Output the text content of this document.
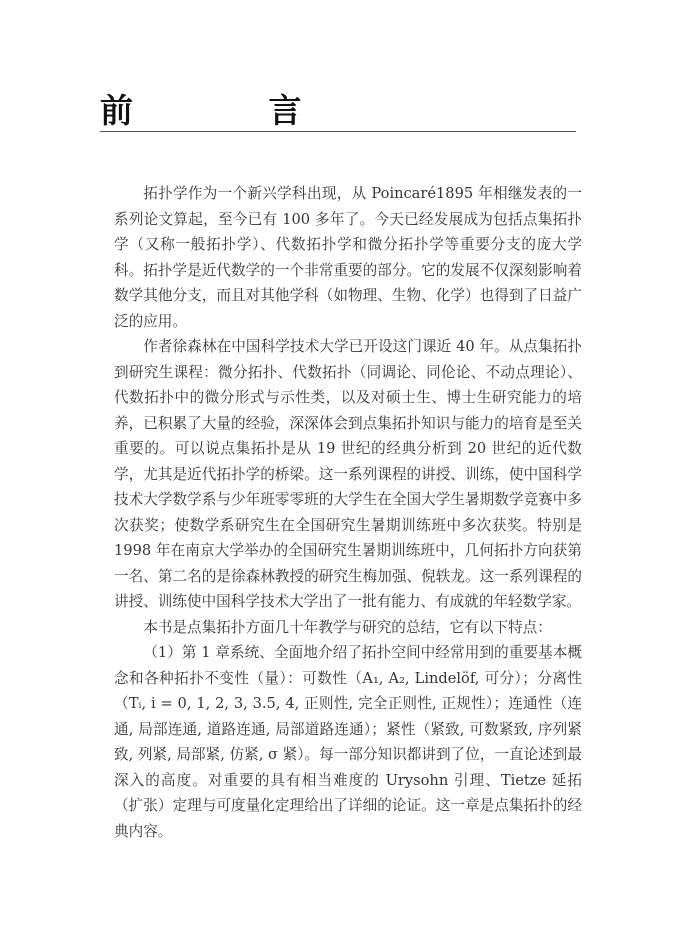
前 言

拓扑学作为一个新兴学科出现，从 Poincaré1895 年相继发表的一系列论文算起，至今已有 100 多年了。今天已经发展成为包括点集拓扑学（又称一般拓扑学）、代数拓扑学和微分拓扑学等重要分支的庞大学科。拓扑学是近代数学的一个非常重要的部分。它的发展不仅深刻影响着数学其他分支，而且对其他学科（如物理、生物、化学）也得到了日益广泛的应用。

作者徐森林在中国科学技术大学已开设这门课近 40 年。从点集拓扑到研究生课程：微分拓扑、代数拓扑（同调论、同伦论、不动点理论）、代数拓扑中的微分形式与示性类，以及对硕士生、博士生研究能力的培养，已积累了大量的经验，深深体会到点集拓扑知识与能力的培育是至关重要的。可以说点集拓扑是从 19 世纪的经典分析到 20 世纪的近代数学，尤其是近代拓扑学的桥梁。这一系列课程的讲授、训练，使中国科学技术大学数学系与少年班零零班的大学生在全国大学生暑期数学竞赛中多次获奖；使数学系研究生在全国研究生暑期训练班中多次获奖。特别是 1998 年在南京大学举办的全国研究生暑期训练班中，几何拓扑方向获第一名、第二名的是徐森林教授的研究生梅加强、倪轶龙。这一系列课程的讲授、训练使中国科学技术大学出了一批有能力、有成就的年轻数学家。

本书是点集拓扑方面几十年教学与研究的总结，它有以下特点：

（1）第 1 章系统、全面地介绍了拓扑空间中经常用到的重要基本概念和各种拓扑不变性（量）：可数性（A₁, A₂, Lindelöf, 可分）；分离性（Tᵢ, i = 0, 1, 2, 3, 3.5, 4, 正则性, 完全正则性, 正规性）；连通性（连通, 局部连通, 道路连通, 局部道路连通）；紧性（紧致, 可数紧致, 序列紧致, 列紧, 局部紧, 仿紧, σ 紧）。每一部分知识都讲到了位，一直论述到最深入的高度。对重要的具有相当难度的 Urysohn 引理、Tietze 延拓（扩张）定理与可度量化定理给出了详细的论证。这一章是点集拓扑的经典内容。
